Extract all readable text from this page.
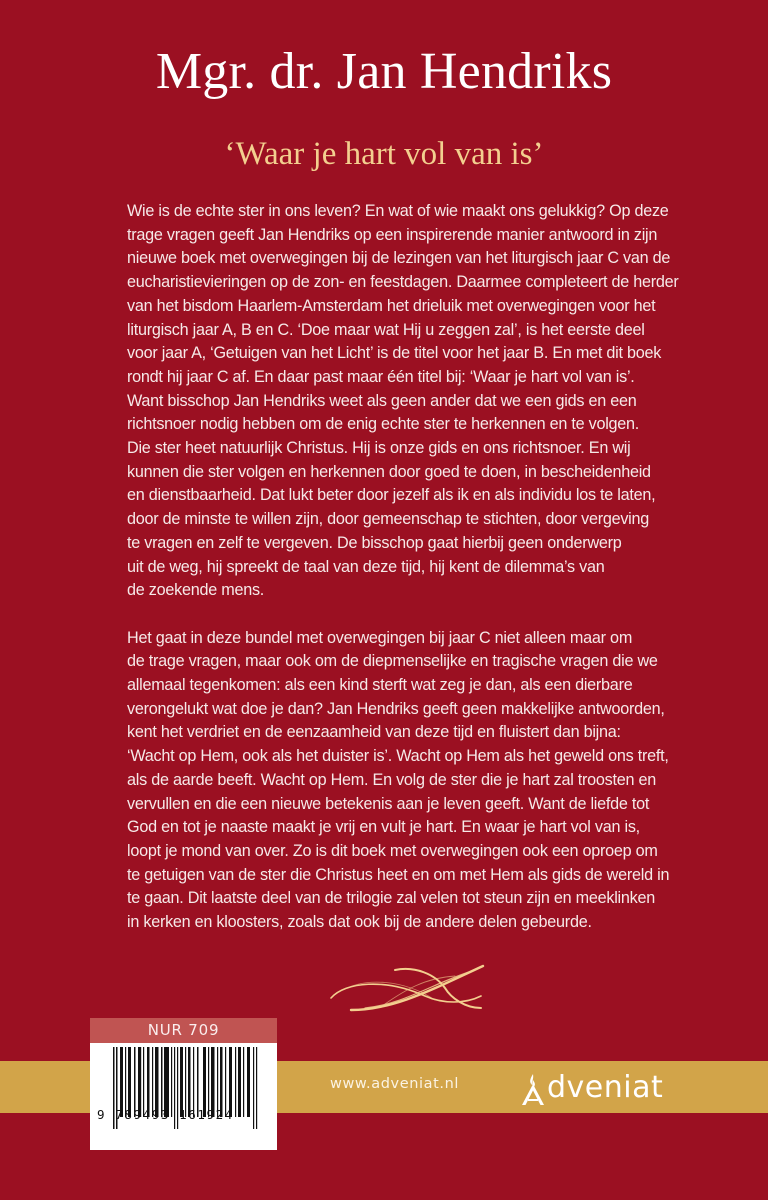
Mgr. dr. Jan Hendriks
‘Waar je hart vol van is’
Wie is de echte ster in ons leven? En wat of wie maakt ons gelukkig? Op deze
trage vragen geeft Jan Hendriks op een inspirerende manier antwoord in zijn
nieuwe boek met overwegingen bij de lezingen van het liturgisch jaar C van de
eucharistievieringen op de zon- en feestdagen. Daarmee completeert de herder
van het bisdom Haarlem-Amsterdam het drieluik met overwegingen voor het
liturgisch jaar A, B en C. ‘Doe maar wat Hij u zeggen zal’, is het eerste deel
voor jaar A, ‘Getuigen van het Licht’ is de titel voor het jaar B. En met dit boek
rondt hij jaar C af. En daar past maar één titel bij: ‘Waar je hart vol van is’.
Want bisschop Jan Hendriks weet als geen ander dat we een gids en een
richtsnoer nodig hebben om de enig echte ster te herkennen en te volgen.
Die ster heet natuurlijk Christus. Hij is onze gids en ons richtsnoer. En wij
kunnen die ster volgen en herkennen door goed te doen, in bescheidenheid
en dienstbaarheid. Dat lukt beter door jezelf als ik en als individu los te laten,
door de minste te willen zijn, door gemeenschap te stichten, door vergeving
te vragen en zelf te vergeven. De bisschop gaat hierbij geen onderwerp
uit de weg, hij spreekt de taal van deze tijd, hij kent de dilemma’s van
de zoekende mens.
Het gaat in deze bundel met overwegingen bij jaar C niet alleen maar om
de trage vragen, maar ook om de diepmenselijke en tragische vragen die we
allemaal tegenkomen: als een kind sterft wat zeg je dan, als een dierbare
verongelukt wat doe je dan? Jan Hendriks geeft geen makkelijke antwoorden,
kent het verdriet en de eenzaamheid van deze tijd en fluistert dan bijna:
‘Wacht op Hem, ook als het duister is’. Wacht op Hem als het geweld ons treft,
als de aarde beeft. Wacht op Hem. En volg de ster die je hart zal troosten en
vervullen en die een nieuwe betekenis aan je leven geeft. Want de liefde tot
God en tot je naaste maakt je vrij en vult je hart. En waar je hart vol van is,
loopt je mond van over. Zo is dit boek met overwegingen ook een oproep om
te getuigen van de ster die Christus heet en om met Hem als gids de wereld in
te gaan. Dit laatste deel van de trilogie zal velen tot steun zijn en meeklinken
in kerken en kloosters, zoals dat ook bij de andere delen gebeurde.
www.adveniat.nl	dveniat
NUR 709
9 789493 161924
